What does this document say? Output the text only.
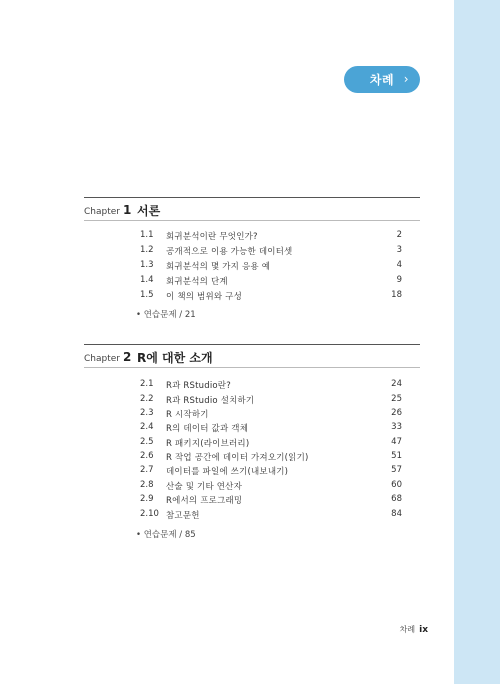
차례 ›
Chapter 1 서론
1.1 회귀분석이란 무엇인가?	2
1.2 공개적으로 이용 가능한 데이터셋	3
1.3 회귀분석의 몇 가지 응용 예	4
1.4 회귀분석의 단계	9
1.5 이 책의 범위와 구성	18
• 연습문제 / 21
Chapter 2 R에 대한 소개
2.1 R과 RStudio란?	24
2.2 R과 RStudio 설치하기	25
2.3 R 시작하기	26
2.4 R의 데이터 값과 객체	33
2.5 R 패키지(라이브러리)	47
2.6 R 작업 공간에 데이터 가져오기(읽기)	51
2.7 데이터를 파일에 쓰기(내보내기)	57
2.8 산술 및 기타 연산자	60
2.9 R에서의 프로그래밍	68
2.10 참고문헌	84
• 연습문제 / 85
차례 ix
